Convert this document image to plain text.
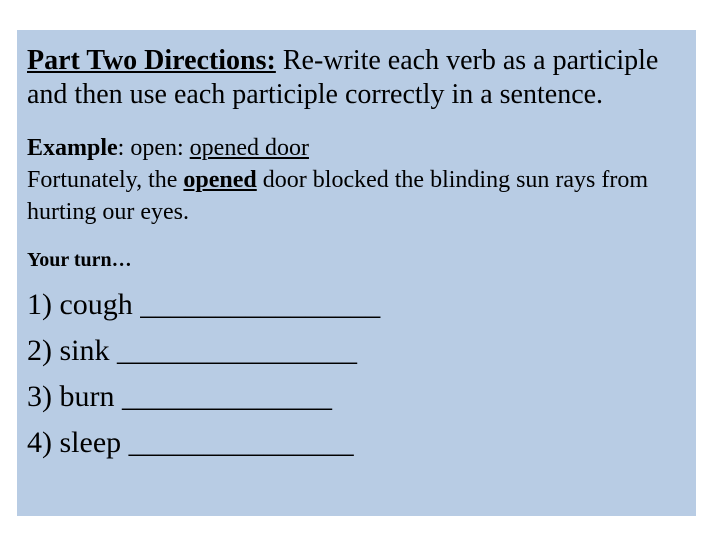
Part Two Directions: Re-write each verb as a participle and then use each participle correctly in a sentence.

Example: open: opened door
Fortunately, the opened door blocked the blinding sun rays from hurting our eyes.
Your turn…
1) cough ________________
2) sink ________________
3) burn ______________
4) sleep _______________
